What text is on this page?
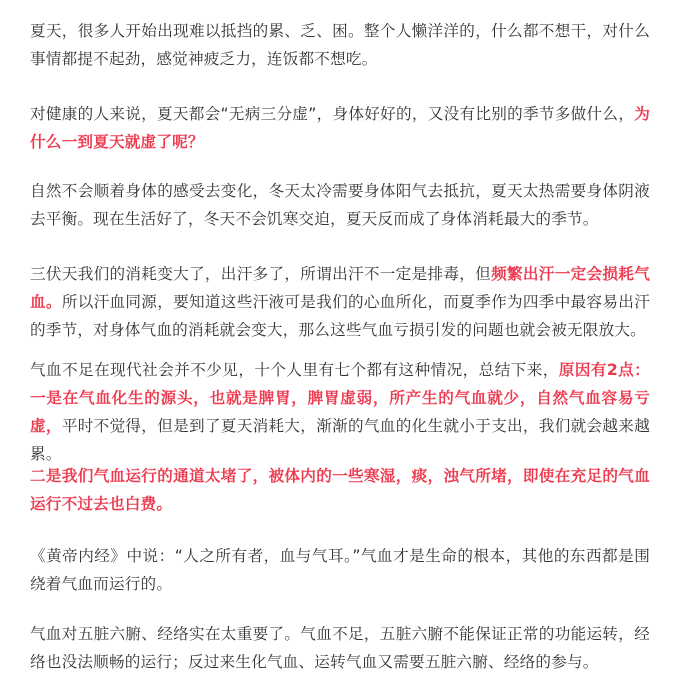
夏天，很多人开始出现难以抵挡的累、乏、困。整个人懒洋洋的，什么都不想干，对什么事情都提不起劲，感觉神疲乏力，连饭都不想吃。

对健康的人来说，夏天都会“无病三分虚”，身体好好的，又没有比别的季节多做什么，为什么一到夏天就虚了呢？

自然不会顺着身体的感受去变化，冬天太冷需要身体阳气去抵抗，夏天太热需要身体阴液去平衡。现在生活好了，冬天不会饥寒交迫，夏天反而成了身体消耗最大的季节。

三伏天我们的消耗变大了，出汗多了，所谓出汗不一定是排毒，但频繁出汗一定会损耗气血。所以汗血同源，要知道这些汗液可是我们的心血所化，而夏季作为四季中最容易出汗的季节，对身体气血的消耗就会变大，那么这些气血亏损引发的问题也就会被无限放大。

气血不足在现代社会并不少见，十个人里有七个都有这种情况，总结下来，原因有2点：一是在气血化生的源头，也就是脾胃，脾胃虚弱，所产生的气血就少，自然气血容易亏虚，平时不觉得，但是到了夏天消耗大，渐渐的气血的化生就小于支出，我们就会越来越累。

二是我们气血运行的通道太堵了，被体内的一些寒湿，痰，浊气所堵，即使在充足的气血运行不过去也白费。

《黄帝内经》中说：“人之所有者，血与气耳。”气血才是生命的根本，其他的东西都是围绕着气血而运行的。

气血对五脏六腑、经络实在太重要了。气血不足，五脏六腑不能保证正常的功能运转，经络也没法顺畅的运行；反过来生化气血、运转气血又需要五脏六腑、经络的参与。
